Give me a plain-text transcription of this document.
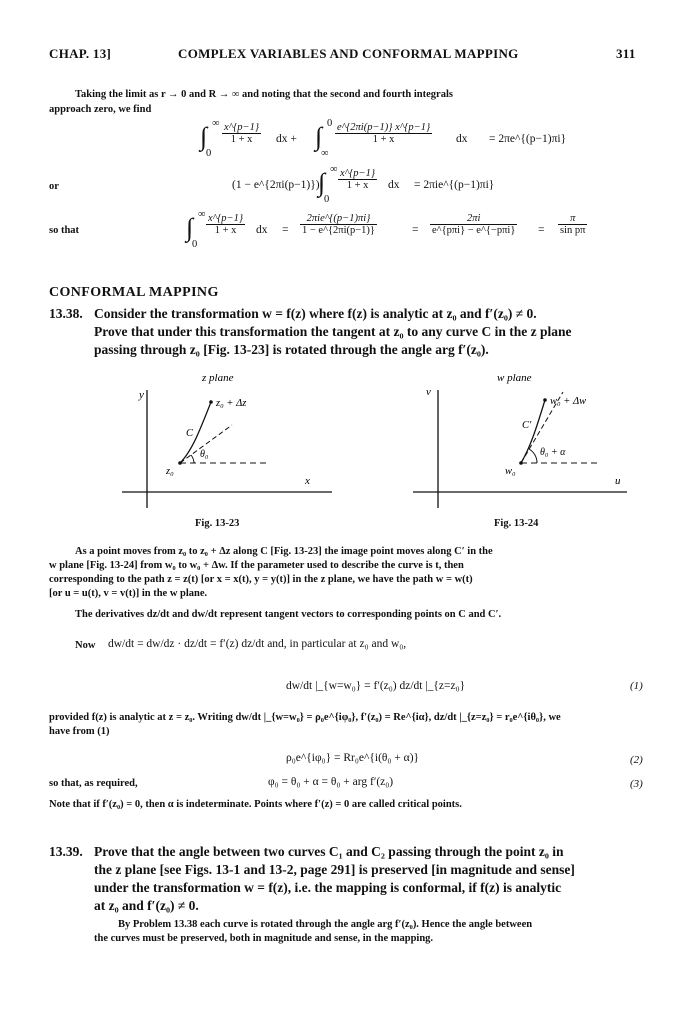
CHAP. 13]	COMPLEX VARIABLES AND CONFORMAL MAPPING	311
Taking the limit as r → 0 and R → ∞ and noting that the second and fourth integrals
approach zero, we find
∫ ∞
0
$\frac{x\^{}\{p-1\}}{1 + x}$ dx + ∫ 0
∞
$\frac{e\^{}\{2\pi i(p-1)\} x\^{}\{p-1\}}{1 + x}$ dx = 2πe^{(p−1)πi}
or	(1 − e^{2πi(p−1)})
∫ ∞
0
$\frac{x\^{}\{p-1\}}{1 + x}$ dx = 2πie^{(p−1)πi}
so that	∫ ∞
0
$\frac{x\^{}\{p-1\}}{1 + x}$ dx =
2πie^{(p−1)πi}
1 − e^{2πi(p−1)}	=
2πi
e^{pπi} − e^{−pπi} = $\frac{\pi}{\text{sin pπ}}$
CONFORMAL MAPPING
13.38. Consider the transformation w = f(z) where f(z) is analytic at z₀ and f′(z₀) ≠ 0.
Prove that under this transformation the tangent at z₀ to any curve C in the z plane
passing through z₀ [Fig. 13-23] is rotated through the angle arg f′(z₀).
z plane
y
x
z₀
z₀ + Δz
C
θ₀
w plane
v
u
w₀
w₀ + Δw
C′
θ₀ + α
Fig. 13-23	Fig. 13-24
As a point moves from z₀ to z₀ + Δz along C [Fig. 13-23] the image point moves along C′ in the
w plane [Fig. 13-24] from w₀ to w₀ + Δw. If the parameter used to describe the curve is t, then
corresponding to the path z = z(t) [or x = x(t), y = y(t)] in the z plane, we have the path w = w(t)
[or u = u(t), v = v(t)] in the w plane.
The derivatives dz/dt and dw/dt represent tangent vectors to corresponding points on C and C′.
Now dw/dt = dw/dz · dz/dt = f′(z) dz/dt and, in particular at z₀ and w₀,
dw/dt |_{w=w₀} = f′(z₀) dz/dt |_{z=z₀}	(1)
provided f(z) is analytic at z = z₀. Writing dw/dt |_{w=w₀} = ρ₀e^{iφ₀}, f′(z₀) = Re^{iα}, dz/dt |_{z=z₀} = r₀e^{iθ₀}, we
have from (1)
ρ₀e^{iφ₀} = Rr₀e^{i(θ₀ + α)}	(2)
so that, as required,	φ₀ = θ₀ + α = θ₀ + arg f′(z₀)	(3)
Note that if f′(z₀) = 0, then α is indeterminate. Points where f′(z) = 0 are called critical points.
13.39. Prove that the angle between two curves C₁ and C₂ passing through the point z₀ in
the z plane [see Figs. 13-1 and 13-2, page 291] is preserved [in magnitude and sense]
under the transformation w = f(z), i.e. the mapping is conformal, if f(z) is analytic
at z₀ and f′(z₀) ≠ 0.
By Problem 13.38 each curve is rotated through the angle arg f′(z₀). Hence the angle between
the curves must be preserved, both in magnitude and sense, in the mapping.
